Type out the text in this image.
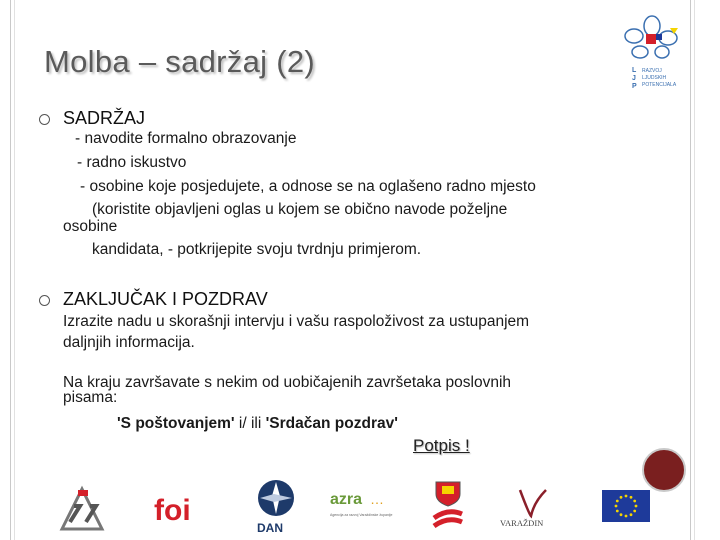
Molba – sadržaj (2)	L
J
P
RAZVOJ
LJUDSKIH
POTENCIJALA
SADRŽAJ
- navodite formalno obrazovanje
- radno iskustvo
- osobine koje posjedujete, a odnose se na oglašeno radno mjesto
(koristite objavljeni oglas u kojem se obično navode poželjne
osobine
kandidata, - potkrijepite svoju tvrdnju primjerom.
ZAKLJUČAK I POZDRAV
Izrazite nadu u skorašnji intervju i vašu raspoloživost za ustupanjem
daljnjih informacija.
Na kraju završavate s nekim od uobičajenih završetaka poslovnih
pisama:
'S poštovanjem' i/ ili 'Srdačan pozdrav'
Potpis !
foi
DAN
azra …
Agencija za razvoj Varaždinske županije
VARAŽDIN
